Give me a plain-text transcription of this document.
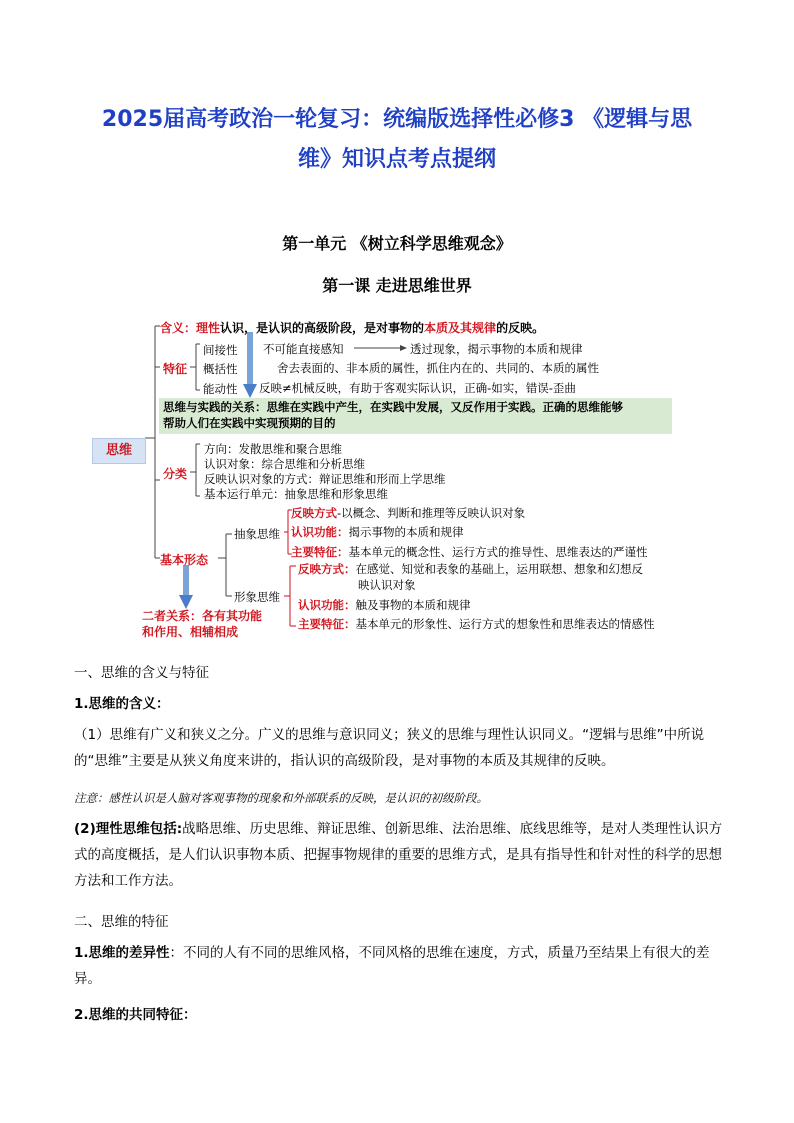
2025届高考政治一轮复习：统编版选择性必修3 《逻辑与思
维》知识点考点提纲
第一单元 《树立科学思维观念》
第一课 走进思维世界
思维
含义：理性认识，是认识的高级阶段，是对事物的本质及其规律的反映。
特征
间接性
概括性
能动性
不可能直接感知	透过现象，揭示事物的本质和规律
舍去表面的、非本质的属性，抓住内在的、共同的、本质的属性
反映≠机械反映，有助于客观实际认识，正确-如实，错误-歪曲
思维与实践的关系：思维在实践中产生，在实践中发展，又反作用于实践。正确的思维能够
帮助人们在实践中实现预期的目的
分类
方向：发散思维和聚合思维
认识对象：综合思维和分析思维
反映认识对象的方式：辩证思维和形而上学思维
基本运行单元：抽象思维和形象思维
基本形态
抽象思维
形象思维
反映方式-以概念、判断和推理等反映认识对象
认识功能：揭示事物的本质和规律
主要特征：基本单元的概念性、运行方式的推导性、思维表达的严谨性
反映方式：在感觉、知觉和表象的基础上，运用联想、想象和幻想反
映认识对象
认识功能：触及事物的本质和规律
主要特征：基本单元的形象性、运行方式的想象性和思维表达的情感性
二者关系：各有其功能
和作用、相辅相成
一、思维的含义与特征
1.思维的含义：
（1）思维有广义和狭义之分。广义的思维与意识同义；狭义的思维与理性认识同义。“逻辑与思维”中所说的“思维”主要是从狭义角度来讲的，指认识的高级阶段，是对事物的本质及其规律的反映。
注意：感性认识是人脑对客观事物的现象和外部联系的反映，是认识的初级阶段。
(2)理性思维包括:战略思维、历史思维、辩证思维、创新思维、法治思维、底线思维等，是对人类理性认识方式的高度概括，是人们认识事物本质、把握事物规律的重要的思维方式，是具有指导性和针对性的科学的思想方法和工作方法。
二、思维的特征
1.思维的差异性：不同的人有不同的思维风格，不同风格的思维在速度，方式，质量乃至结果上有很大的差异。
2.思维的共同特征：
